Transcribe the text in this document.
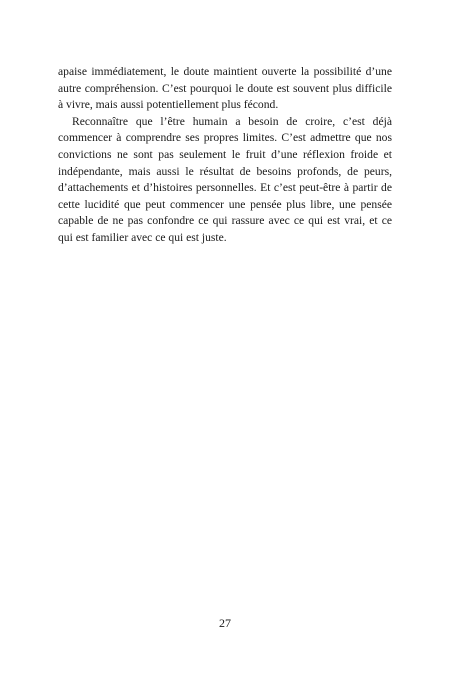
apaise immédiatement, le doute maintient ouverte la possibilité d’une autre compréhension. C’est pourquoi le doute est souvent plus difficile à vivre, mais aussi potentiellement plus fécond.

Reconnaître que l’être humain a besoin de croire, c’est déjà commencer à comprendre ses propres limites. C’est admettre que nos convictions ne sont pas seulement le fruit d’une réflexion froide et indépendante, mais aussi le résultat de besoins profonds, de peurs, d’attachements et d’histoires personnelles. Et c’est peut-être à partir de cette lucidité que peut commencer une pensée plus libre, une pensée capable de ne pas confondre ce qui rassure avec ce qui est vrai, et ce qui est familier avec ce qui est juste.

27
